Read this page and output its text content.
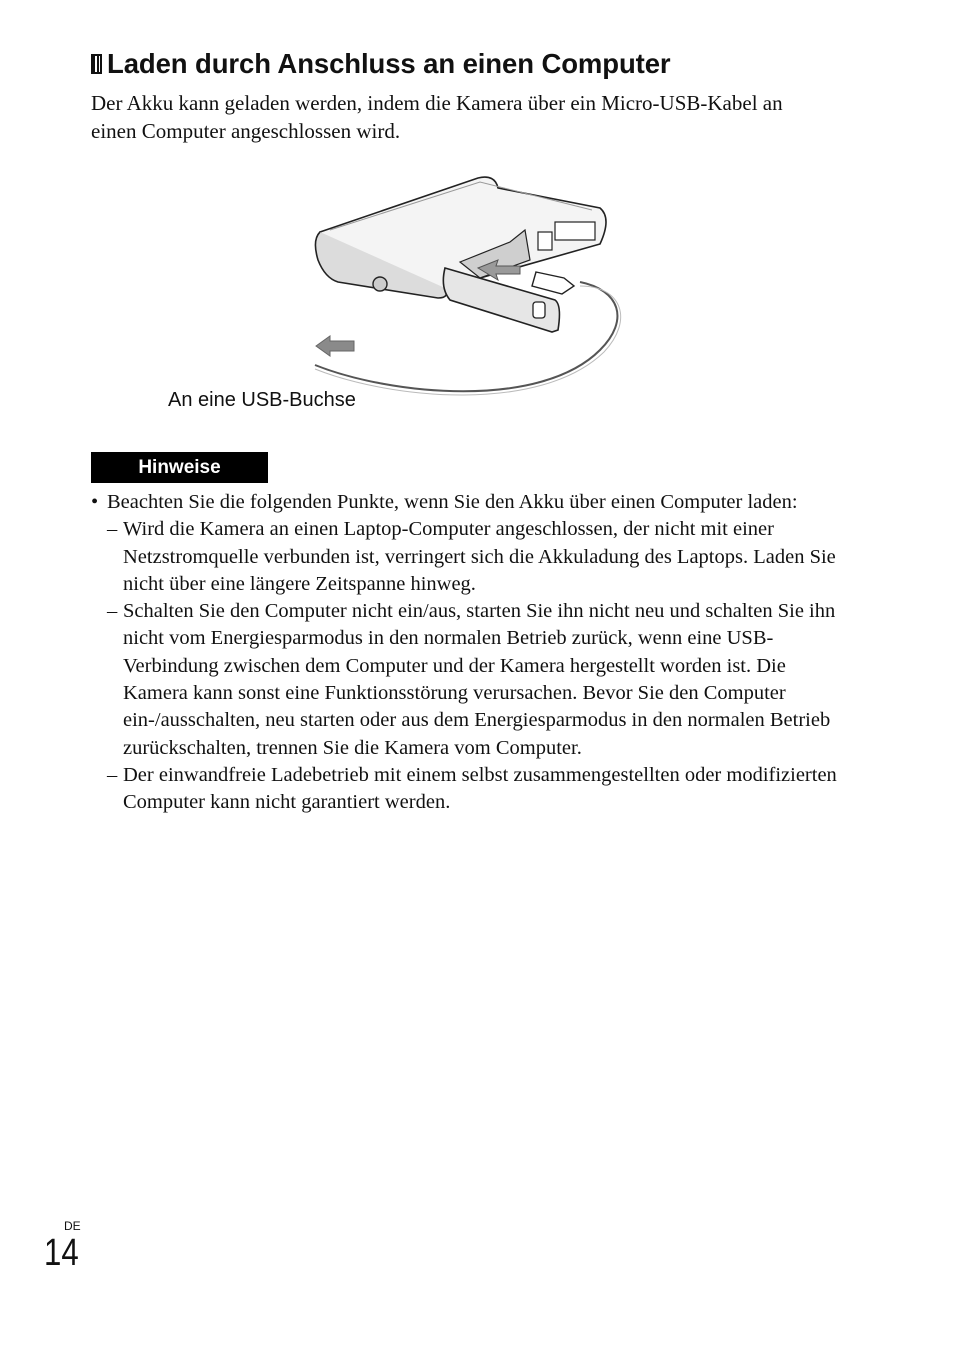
Laden durch Anschluss an einen Computer
Der Akku kann geladen werden, indem die Kamera über ein Micro-USB-Kabel an einen Computer angeschlossen wird.
An eine USB-Buchse
Hinweise
• Beachten Sie die folgenden Punkte, wenn Sie den Akku über einen Computer laden:
– Wird die Kamera an einen Laptop-Computer angeschlossen, der nicht mit einer Netzstromquelle verbunden ist, verringert sich die Akkuladung des Laptops. Laden Sie nicht über eine längere Zeitspanne hinweg.
– Schalten Sie den Computer nicht ein/aus, starten Sie ihn nicht neu und schalten Sie ihn nicht vom Energiesparmodus in den normalen Betrieb zurück, wenn eine USB-Verbindung zwischen dem Computer und der Kamera hergestellt worden ist. Die Kamera kann sonst eine Funktionsstörung verursachen. Bevor Sie den Computer ein-/ausschalten, neu starten oder aus dem Energiesparmodus in den normalen Betrieb zurückschalten, trennen Sie die Kamera vom Computer.
– Der einwandfreie Ladebetrieb mit einem selbst zusammengestellten oder modifizierten Computer kann nicht garantiert werden.
DE
14
